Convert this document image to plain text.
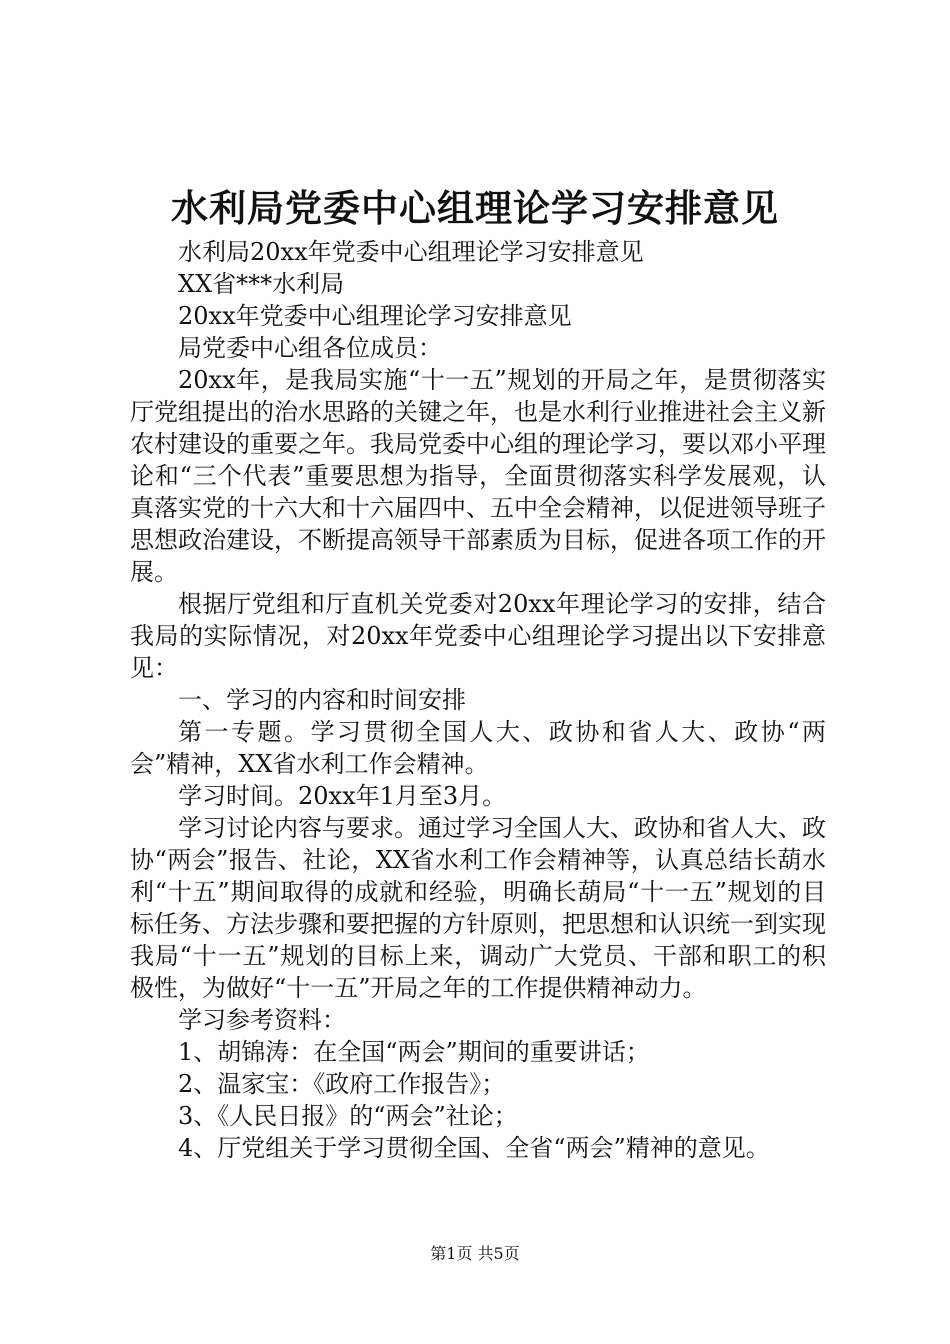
水利局党委中心组理论学习安排意见

水利局20xx年党委中心组理论学习安排意见

XX省***水利局

20xx年党委中心组理论学习安排意见

局党委中心组各位成员：

20xx年，是我局实施“十一五”规划的开局之年，是贯彻落实厅党组提出的治水思路的关键之年，也是水利行业推进社会主义新农村建设的重要之年。我局党委中心组的理论学习，要以邓小平理论和“三个代表”重要思想为指导，全面贯彻落实科学发展观，认真落实党的十六大和十六届四中、五中全会精神，以促进领导班子思想政治建设，不断提高领导干部素质为目标，促进各项工作的开展。

根据厅党组和厅直机关党委对20xx年理论学习的安排，结合我局的实际情况，对20xx年党委中心组理论学习提出以下安排意见：

一、学习的内容和时间安排

第一专题。学习贯彻全国人大、政协和省人大、政协“两会”精神，XX省水利工作会精神。

学习时间。20xx年1月至3月。

学习讨论内容与要求。通过学习全国人大、政协和省人大、政协“两会”报告、社论，XX省水利工作会精神等，认真总结长葫水利“十五”期间取得的成就和经验，明确长葫局“十一五”规划的目标任务、方法步骤和要把握的方针原则，把思想和认识统一到实现我局“十一五”规划的目标上来，调动广大党员、干部和职工的积极性，为做好“十一五”开局之年的工作提供精神动力。

学习参考资料：

1、胡锦涛：在全国“两会”期间的重要讲话；

2、温家宝：《政府工作报告》；

3、《人民日报》的“两会”社论；

4、厅党组关于学习贯彻全国、全省“两会”精神的意见。

第1页 共5页
